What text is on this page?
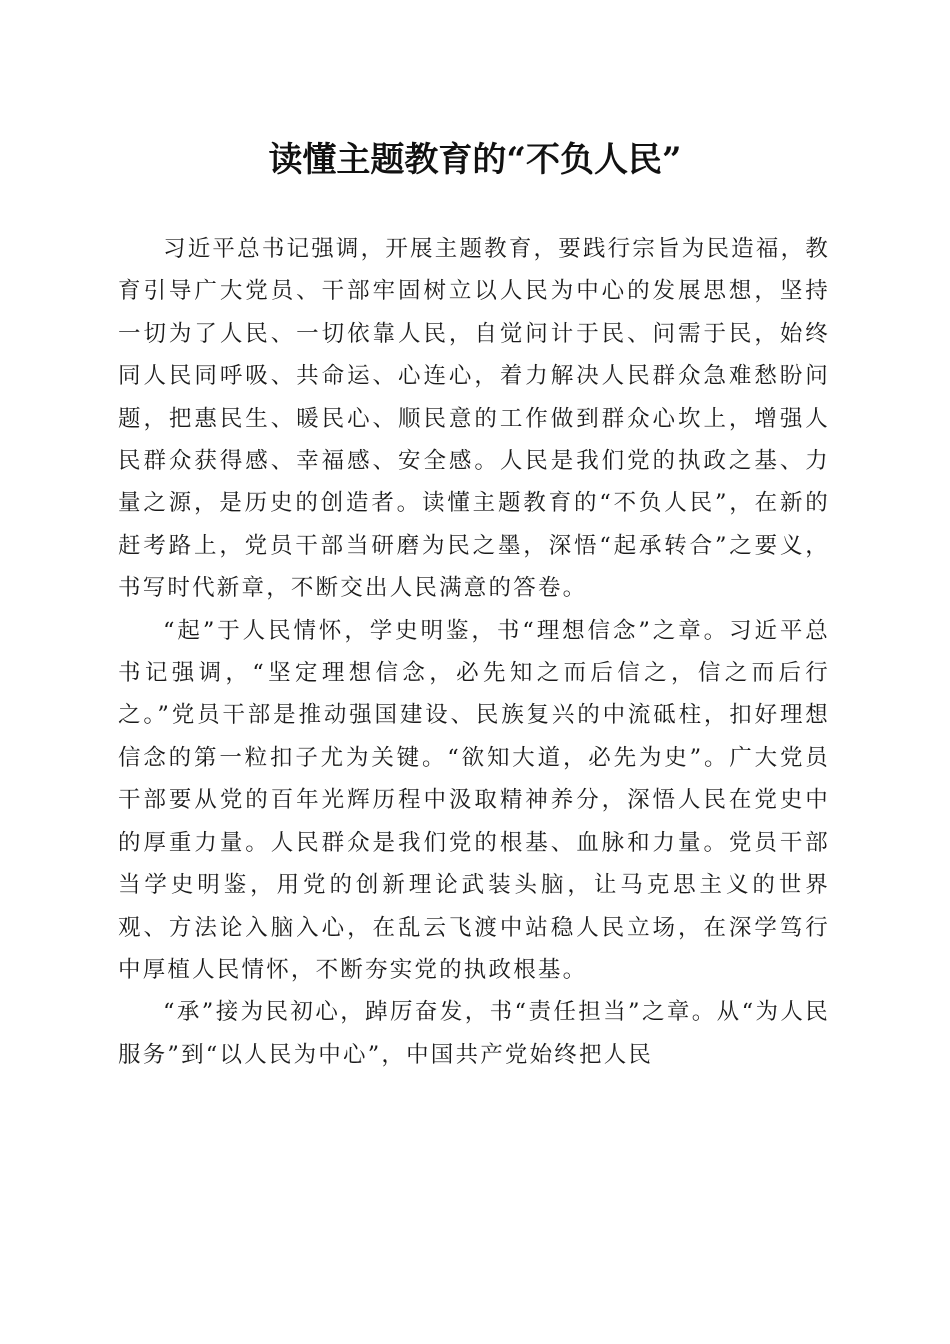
读懂主题教育的“不负人民”

习近平总书记强调，开展主题教育，要践行宗旨为民造福，教育引导广大党员、干部牢固树立以人民为中心的发展思想，坚持一切为了人民、一切依靠人民，自觉问计于民、问需于民，始终同人民同呼吸、共命运、心连心，着力解决人民群众急难愁盼问题，把惠民生、暖民心、顺民意的工作做到群众心坎上，增强人民群众获得感、幸福感、安全感。人民是我们党的执政之基、力量之源，是历史的创造者。读懂主题教育的“不负人民”，在新的赶考路上，党员干部当研磨为民之墨，深悟“起承转合”之要义，书写时代新章，不断交出人民满意的答卷。

“起”于人民情怀，学史明鉴，书“理想信念”之章。习近平总书记强调，“坚定理想信念，必先知之而后信之，信之而后行之。”党员干部是推动强国建设、民族复兴的中流砥柱，扣好理想信念的第一粒扣子尤为关键。“欲知大道，必先为史”。广大党员干部要从党的百年光辉历程中汲取精神养分，深悟人民在党史中的厚重力量。人民群众是我们党的根基、血脉和力量。党员干部当学史明鉴，用党的创新理论武装头脑，让马克思主义的世界观、方法论入脑入心，在乱云飞渡中站稳人民立场，在深学笃行中厚植人民情怀，不断夯实党的执政根基。

“承”接为民初心，踔厉奋发，书“责任担当”之章。从“为人民服务”到“以人民为中心”，中国共产党始终把人民
